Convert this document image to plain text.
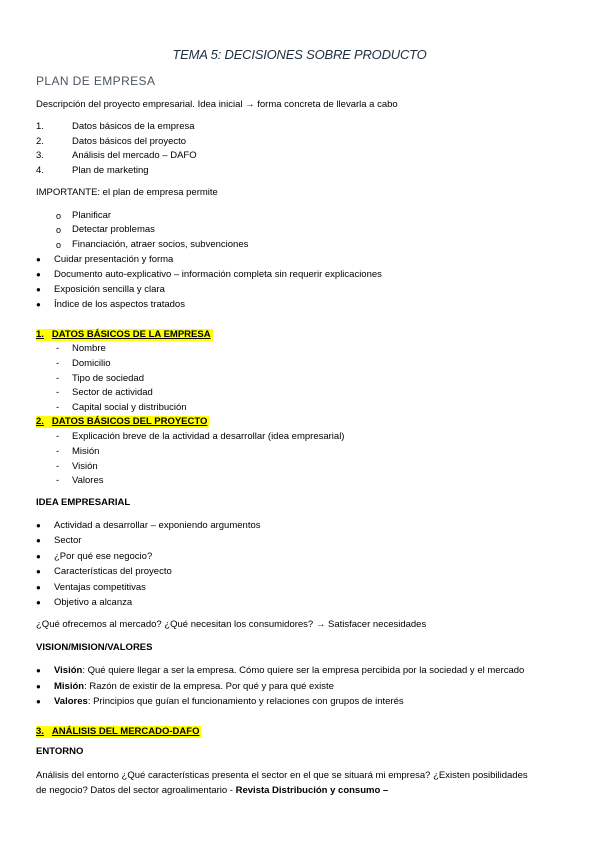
TEMA 5: DECISIONES SOBRE PRODUCTO
PLAN DE EMPRESA
Descripción del proyecto empresarial. Idea inicial → forma concreta de llevarla a cabo
1.	Datos básicos de la empresa
2.	Datos básicos del proyecto
3.	Análisis del mercado – DAFO
4.	Plan de marketing
IMPORTANTE: el plan de empresa permite
o Planificar
o Detectar problemas
o Financiación, atraer socios, subvenciones
● Cuidar presentación y forma
● Documento auto-explicativo – información completa sin requerir explicaciones
● Exposición sencilla y clara
● Índice de los aspectos tratados
1. DATOS BÁSICOS DE LA EMPRESA
- Nombre
- Domicilio
- Tipo de sociedad
- Sector de actividad
- Capital social y distribución
2. DATOS BÁSICOS DEL PROYECTO
- Explicación breve de la actividad a desarrollar (idea empresarial)
- Misión
- Visión
- Valores
IDEA EMPRESARIAL
● Actividad a desarrollar – exponiendo argumentos
● Sector
● ¿Por qué ese negocio?
● Características del proyecto
● Ventajas competitivas
● Objetivo a alcanza
¿Qué ofrecemos al mercado? ¿Qué necesitan los consumidores? → Satisfacer necesidades
VISION/MISION/VALORES
● Visión: Qué quiere llegar a ser la empresa. Cómo quiere ser la empresa percibida por la sociedad y el mercado
● Misión: Razón de existir de la empresa. Por qué y para qué existe
● Valores: Principios que guían el funcionamiento y relaciones con grupos de interés
3. ANÁLISIS DEL MERCADO-DAFO
ENTORNO
Análisis del entorno ¿Qué características presenta el sector en el que se situará mi empresa? ¿Existen posibilidades
de negocio? Datos del sector agroalimentario - Revista Distribución y consumo –
